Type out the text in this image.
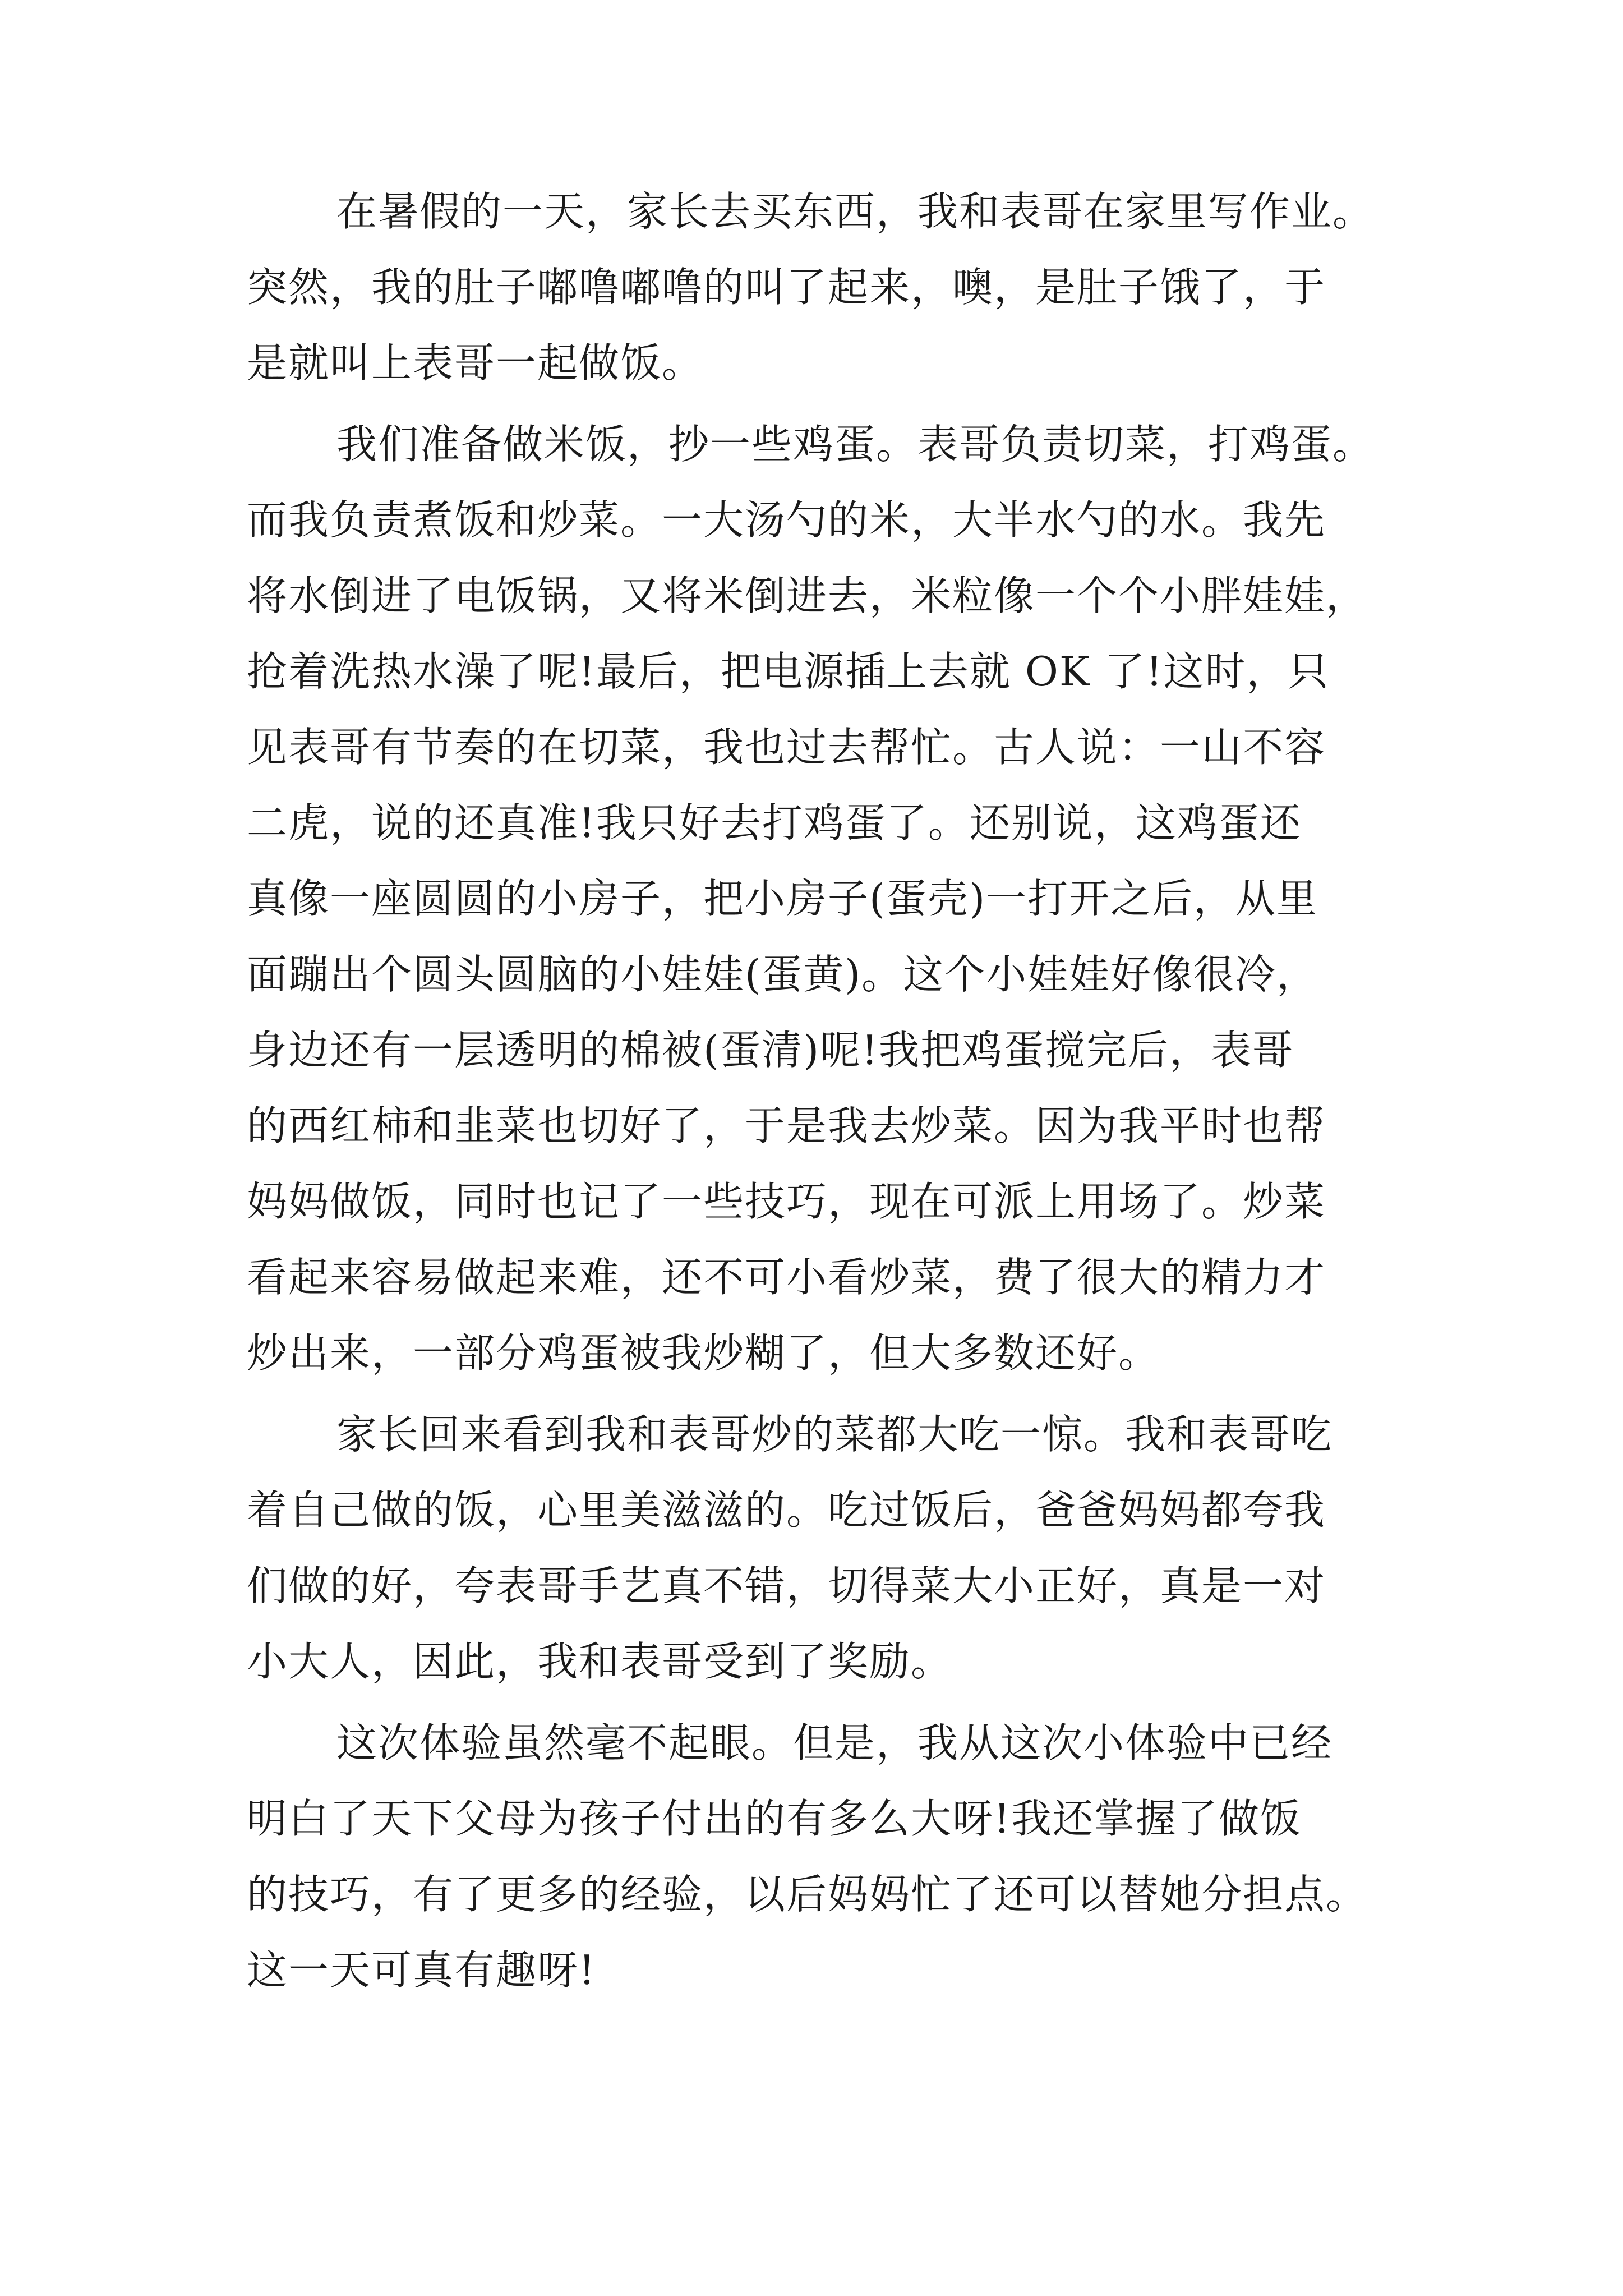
在暑假的一天，家长去买东西，我和表哥在家里写作业。
突然，我的肚子嘟噜嘟噜的叫了起来，噢，是肚子饿了，于
是就叫上表哥一起做饭。
我们准备做米饭，抄一些鸡蛋。表哥负责切菜，打鸡蛋。
而我负责煮饭和炒菜。一大汤勺的米，大半水勺的水。我先
将水倒进了电饭锅，又将米倒进去，米粒像一个个小胖娃娃，
抢着洗热水澡了呢!最后，把电源插上去就 OK 了!这时，只
见表哥有节奏的在切菜，我也过去帮忙。古人说：一山不容
二虎，说的还真准!我只好去打鸡蛋了。还别说，这鸡蛋还
真像一座圆圆的小房子，把小房子(蛋壳)一打开之后，从里
面蹦出个圆头圆脑的小娃娃(蛋黄)。这个小娃娃好像很冷，
身边还有一层透明的棉被(蛋清)呢!我把鸡蛋搅完后，表哥
的西红柿和韭菜也切好了，于是我去炒菜。因为我平时也帮
妈妈做饭，同时也记了一些技巧，现在可派上用场了。炒菜
看起来容易做起来难，还不可小看炒菜，费了很大的精力才
炒出来，一部分鸡蛋被我炒糊了，但大多数还好。
家长回来看到我和表哥炒的菜都大吃一惊。我和表哥吃
着自己做的饭，心里美滋滋的。吃过饭后，爸爸妈妈都夸我
们做的好，夸表哥手艺真不错，切得菜大小正好，真是一对
小大人，因此，我和表哥受到了奖励。
这次体验虽然毫不起眼。但是，我从这次小体验中已经
明白了天下父母为孩子付出的有多么大呀!我还掌握了做饭
的技巧，有了更多的经验，以后妈妈忙了还可以替她分担点。
这一天可真有趣呀!
